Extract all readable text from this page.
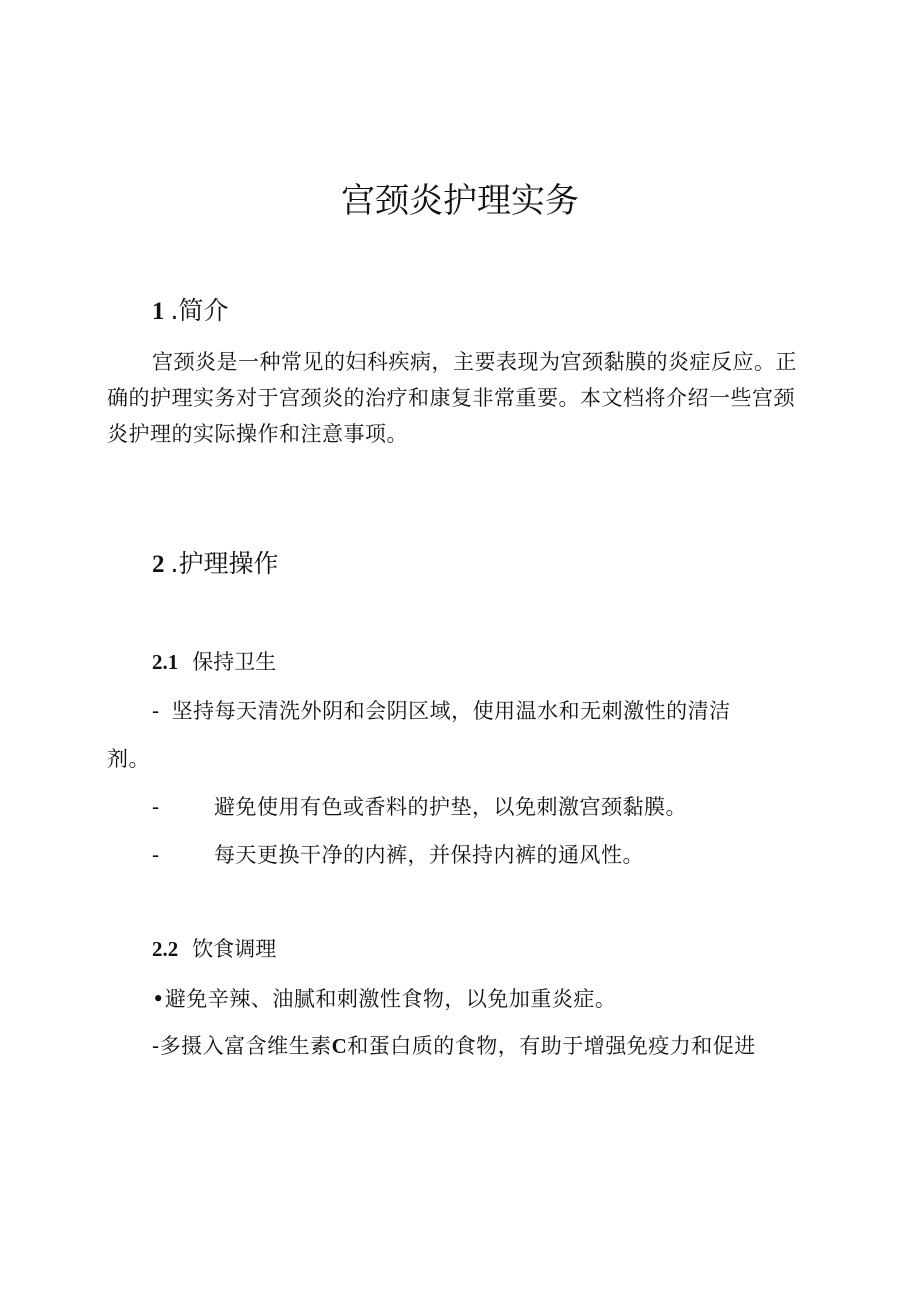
宫颈炎护理实务
1 .简介

宫颈炎是一种常见的妇科疾病，主要表现为宫颈黏膜的炎症反应。正确的护理实务对于宫颈炎的治疗和康复非常重要。本文档将介绍一些宫颈炎护理的实际操作和注意事项。

2 .护理操作
2.1 保持卫生
- 坚持每天清洗外阴和会阴区域，使用温水和无刺激性的清洁
剂。
-	避免使用有色或香料的护垫，以免刺激宫颈黏膜。
-	每天更换干净的内裤，并保持内裤的通风性。
2.2 饮食调理
•避免辛辣、油腻和刺激性食物，以免加重炎症。
-多摄入富含维生素C和蛋白质的食物，有助于增强免疫力和促进
